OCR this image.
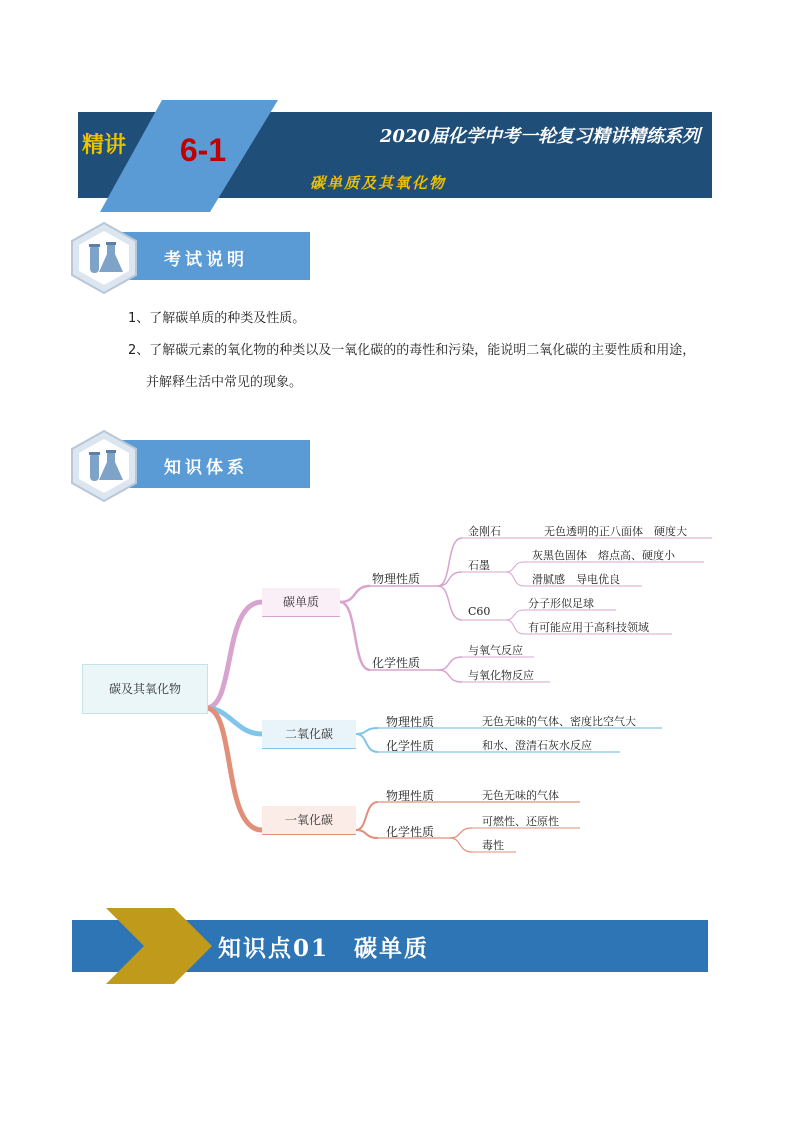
精讲	6-1	2020届化学中考一轮复习精讲精练系列
碳单质及其氧化物
考试说明
1、了解碳单质的种类及性质。
2、了解碳元素的氧化物的种类以及一氧化碳的的毒性和污染，能说明二氧化碳的主要性质和用途，
并解释生活中常见的现象。
知识体系
碳及其氧化物
碳单质
二氧化碳
一氧化碳
物理性质
化学性质
金刚石	无色透明的正八面体　硬度大
石墨
灰黑色固体　熔点高、硬度小
滑腻感　导电优良
C60
分子形似足球
有可能应用于高科技领域
与氧气反应
与氧化物反应
物理性质	无色无味的气体、密度比空气大
化学性质	和水、澄清石灰水反应
物理性质	无色无味的气体
化学性质
可燃性、还原性
毒性
知识点01　碳单质
